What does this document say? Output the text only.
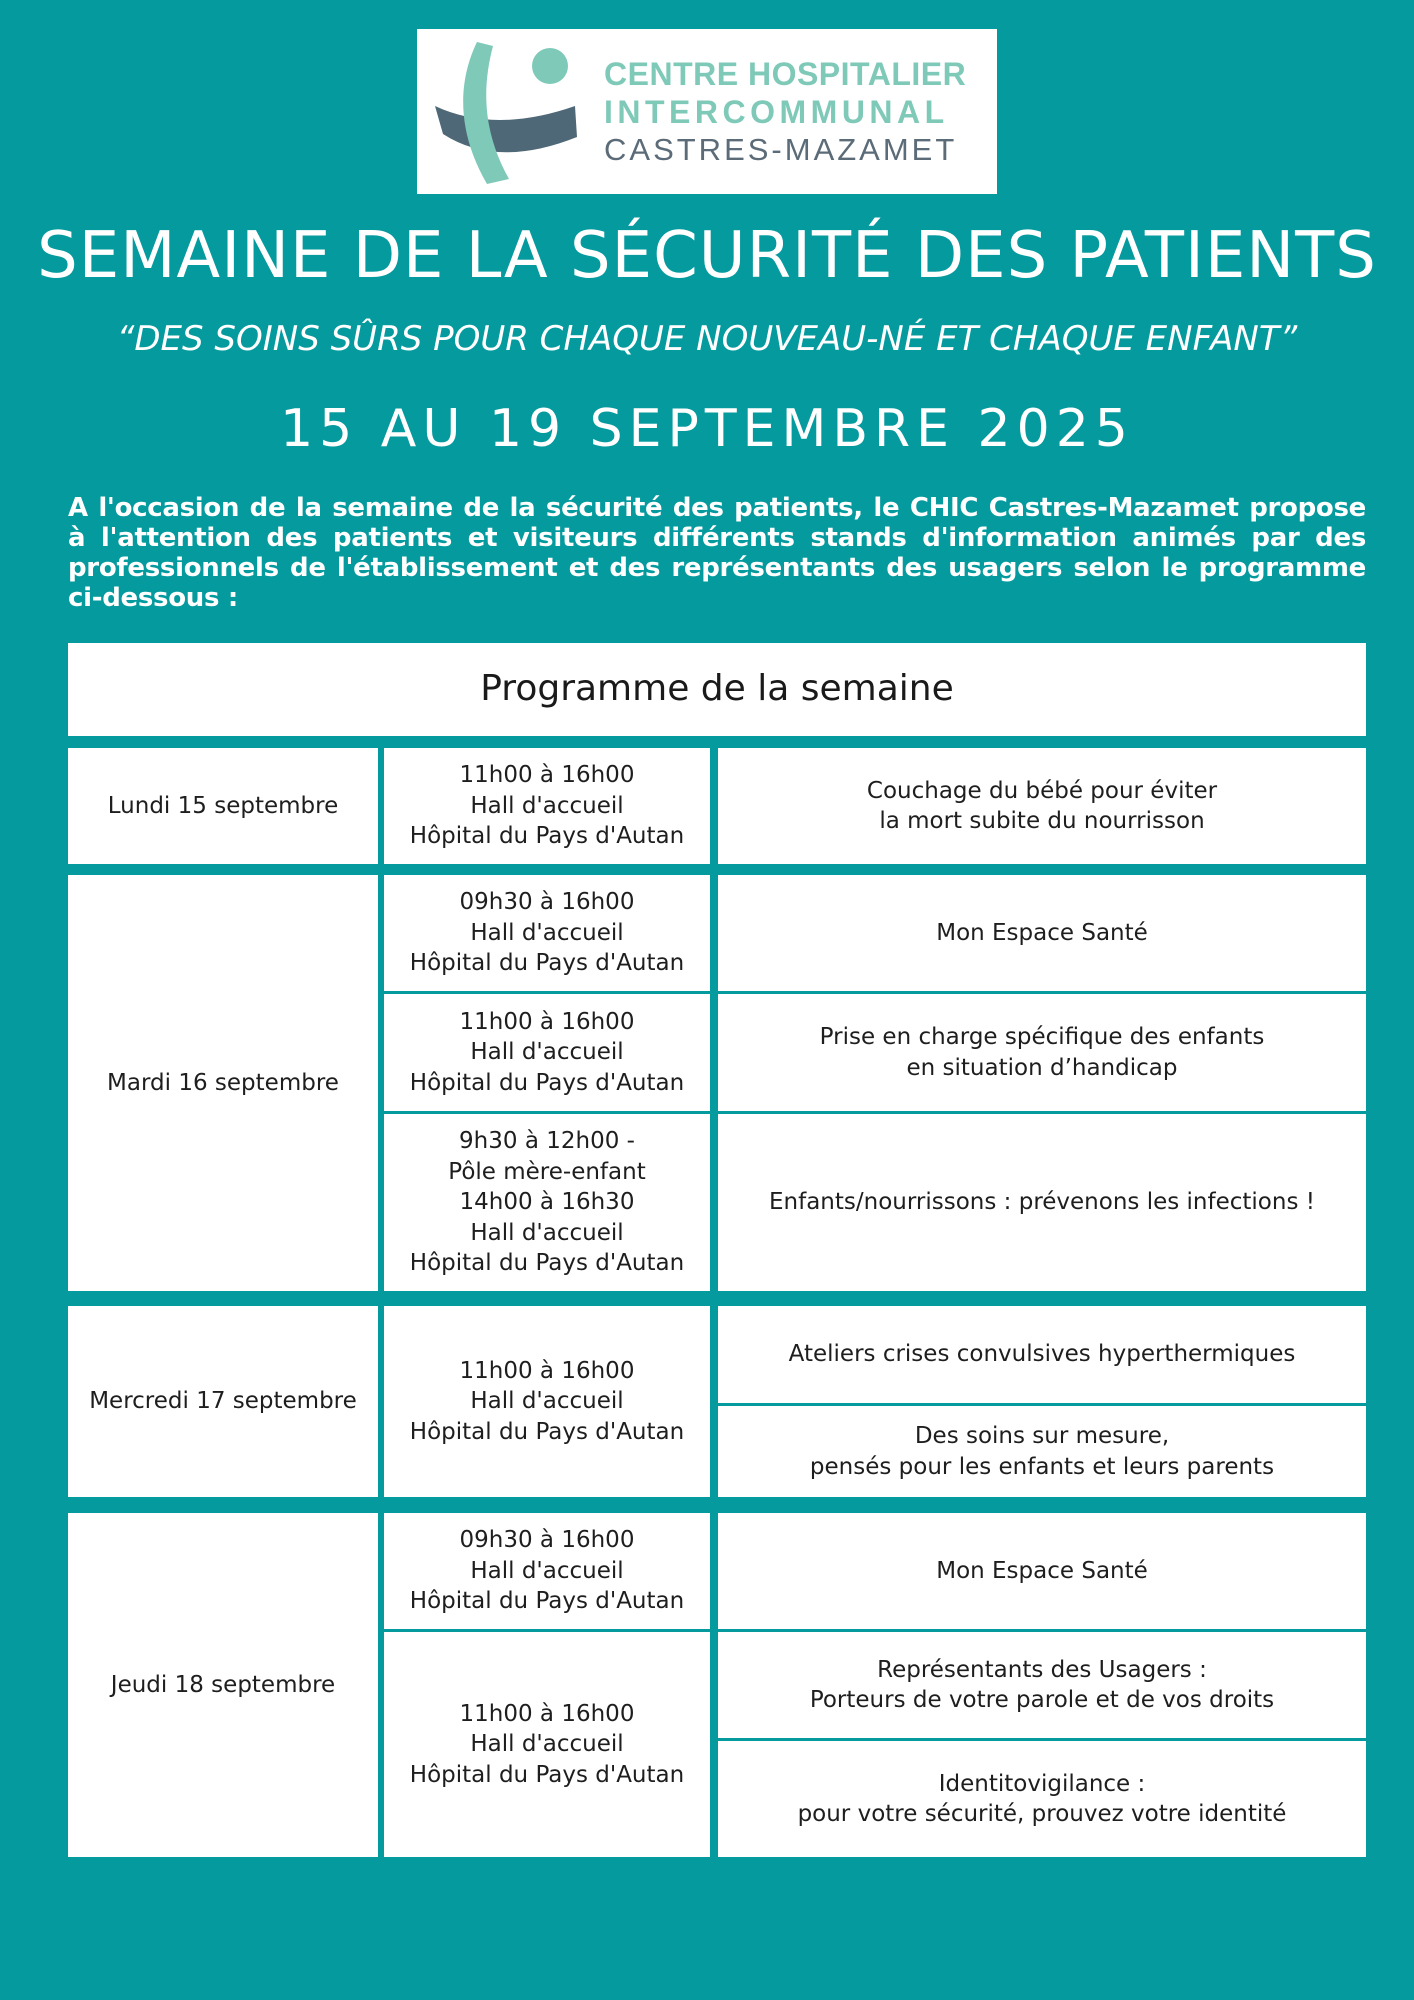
CENTRE HOSPITALIER
INTERCOMMUNAL
CASTRES-MAZAMET
SEMAINE DE LA SÉCURITÉ DES PATIENTS
“DES SOINS SÛRS POUR CHAQUE NOUVEAU-NÉ ET CHAQUE ENFANT”
15 AU 19 SEPTEMBRE 2025
A l'occasion de la semaine de la sécurité des patients, le CHIC Castres-Mazamet propose à l'attention des patients et visiteurs différents stands d'information animés par des professionnels de l'établissement et des représentants des usagers selon le programme ci-dessous :
Programme de la semaine
Lundi 15 septembre
Mardi 16 septembre
Mercredi 17 septembre
Jeudi 18 septembre
11h00 à 16h00
Hall d'accueil
Hôpital du Pays d'Autan
09h30 à 16h00
Hall d'accueil
Hôpital du Pays d'Autan
11h00 à 16h00
Hall d'accueil
Hôpital du Pays d'Autan
9h30 à 12h00 -
Pôle mère-enfant
14h00 à 16h30
Hall d'accueil
Hôpital du Pays d'Autan
11h00 à 16h00
Hall d'accueil
Hôpital du Pays d'Autan
09h30 à 16h00
Hall d'accueil
Hôpital du Pays d'Autan
11h00 à 16h00
Hall d'accueil
Hôpital du Pays d'Autan
Couchage du bébé pour éviter
la mort subite du nourrisson
Mon Espace Santé
Prise en charge spécifique des enfants
en situation d’handicap
Enfants/nourrissons : prévenons les infections !
Ateliers crises convulsives hyperthermiques
Des soins sur mesure,
pensés pour les enfants et leurs parents
Mon Espace Santé
Représentants des Usagers :
Porteurs de votre parole et de vos droits
Identitovigilance :
pour votre sécurité, prouvez votre identité
